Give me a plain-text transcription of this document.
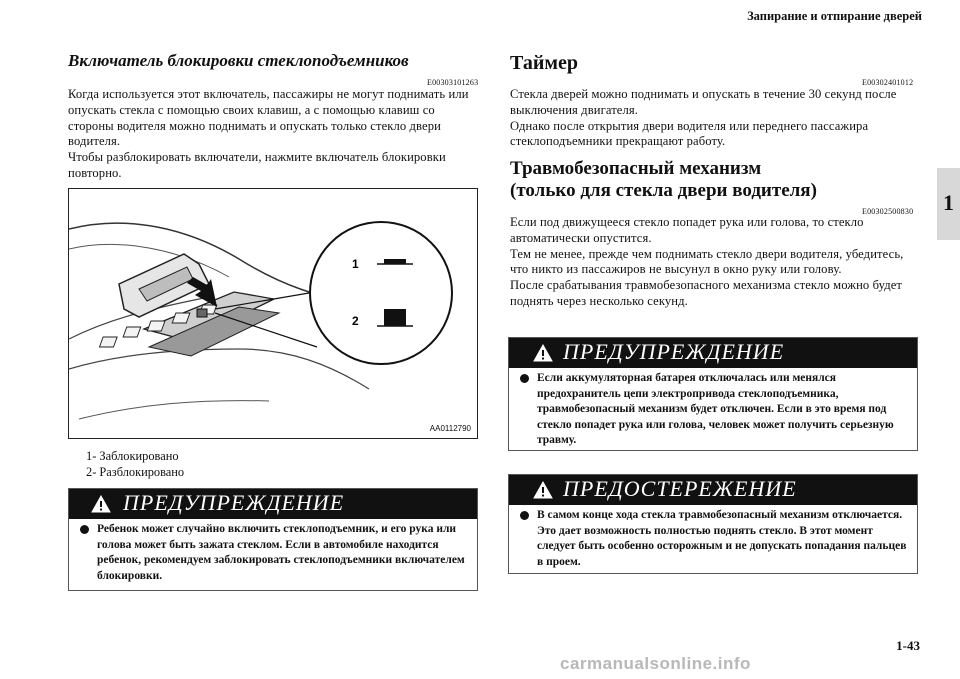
Запирание и отпирание дверей
1
Включатель блокировки стеклоподъемников
E00303101263

Когда используется этот включатель, пассажиры не могут поднимать или опускать стекла с помощью своих клавиш, а с помощью клавиш со стороны водителя можно поднимать и опускать только стекло двери водителя.

Чтобы разблокировать включатели, нажмите включатель блокировки повторно.

1
2
AA0112790
1- Заблокировано
2- Разблокировано
ПРЕДУПРЕЖДЕНИЕ
Ребенок может случайно включить стеклоподъемник, и его рука или голова может быть зажата стеклом. Если в автомобиле находится ребенок, рекомендуем заблокировать стеклоподъемники включателем блокировки.
Таймер
E00302401012

Стекла дверей можно поднимать и опускать в течение 30 секунд после выключения двигателя.

Однако после открытия двери водителя или переднего пассажира стеклоподъемники прекращают работу.

Травмобезопасный механизм
(только для стекла двери водителя)
E00302500830

Если под движущееся стекло попадет рука или голова, то стекло автоматически опустится.

Тем не менее, прежде чем поднимать стекло двери водителя, убедитесь, что никто из пассажиров не высунул в окно руку или голову.

После срабатывания травмобезопасного механизма стекло можно будет поднять через несколько секунд.

ПРЕДУПРЕЖДЕНИЕ
Если аккумуляторная батарея отключалась или менялся предохранитель цепи электропривода стеклоподъемника, травмобезопасный механизм будет отключен. Если в это время под стекло попадет рука или голова, человек может получить серьезную травму.
ПРЕДОСТЕРЕЖЕНИЕ
В самом конце хода стекла травмобезопасный механизм отключается. Это дает возможность полностью поднять стекло. В этот момент следует быть особенно осторожным и не допускать попадания пальцев в проем.
1-43
carmanualsonline.info
